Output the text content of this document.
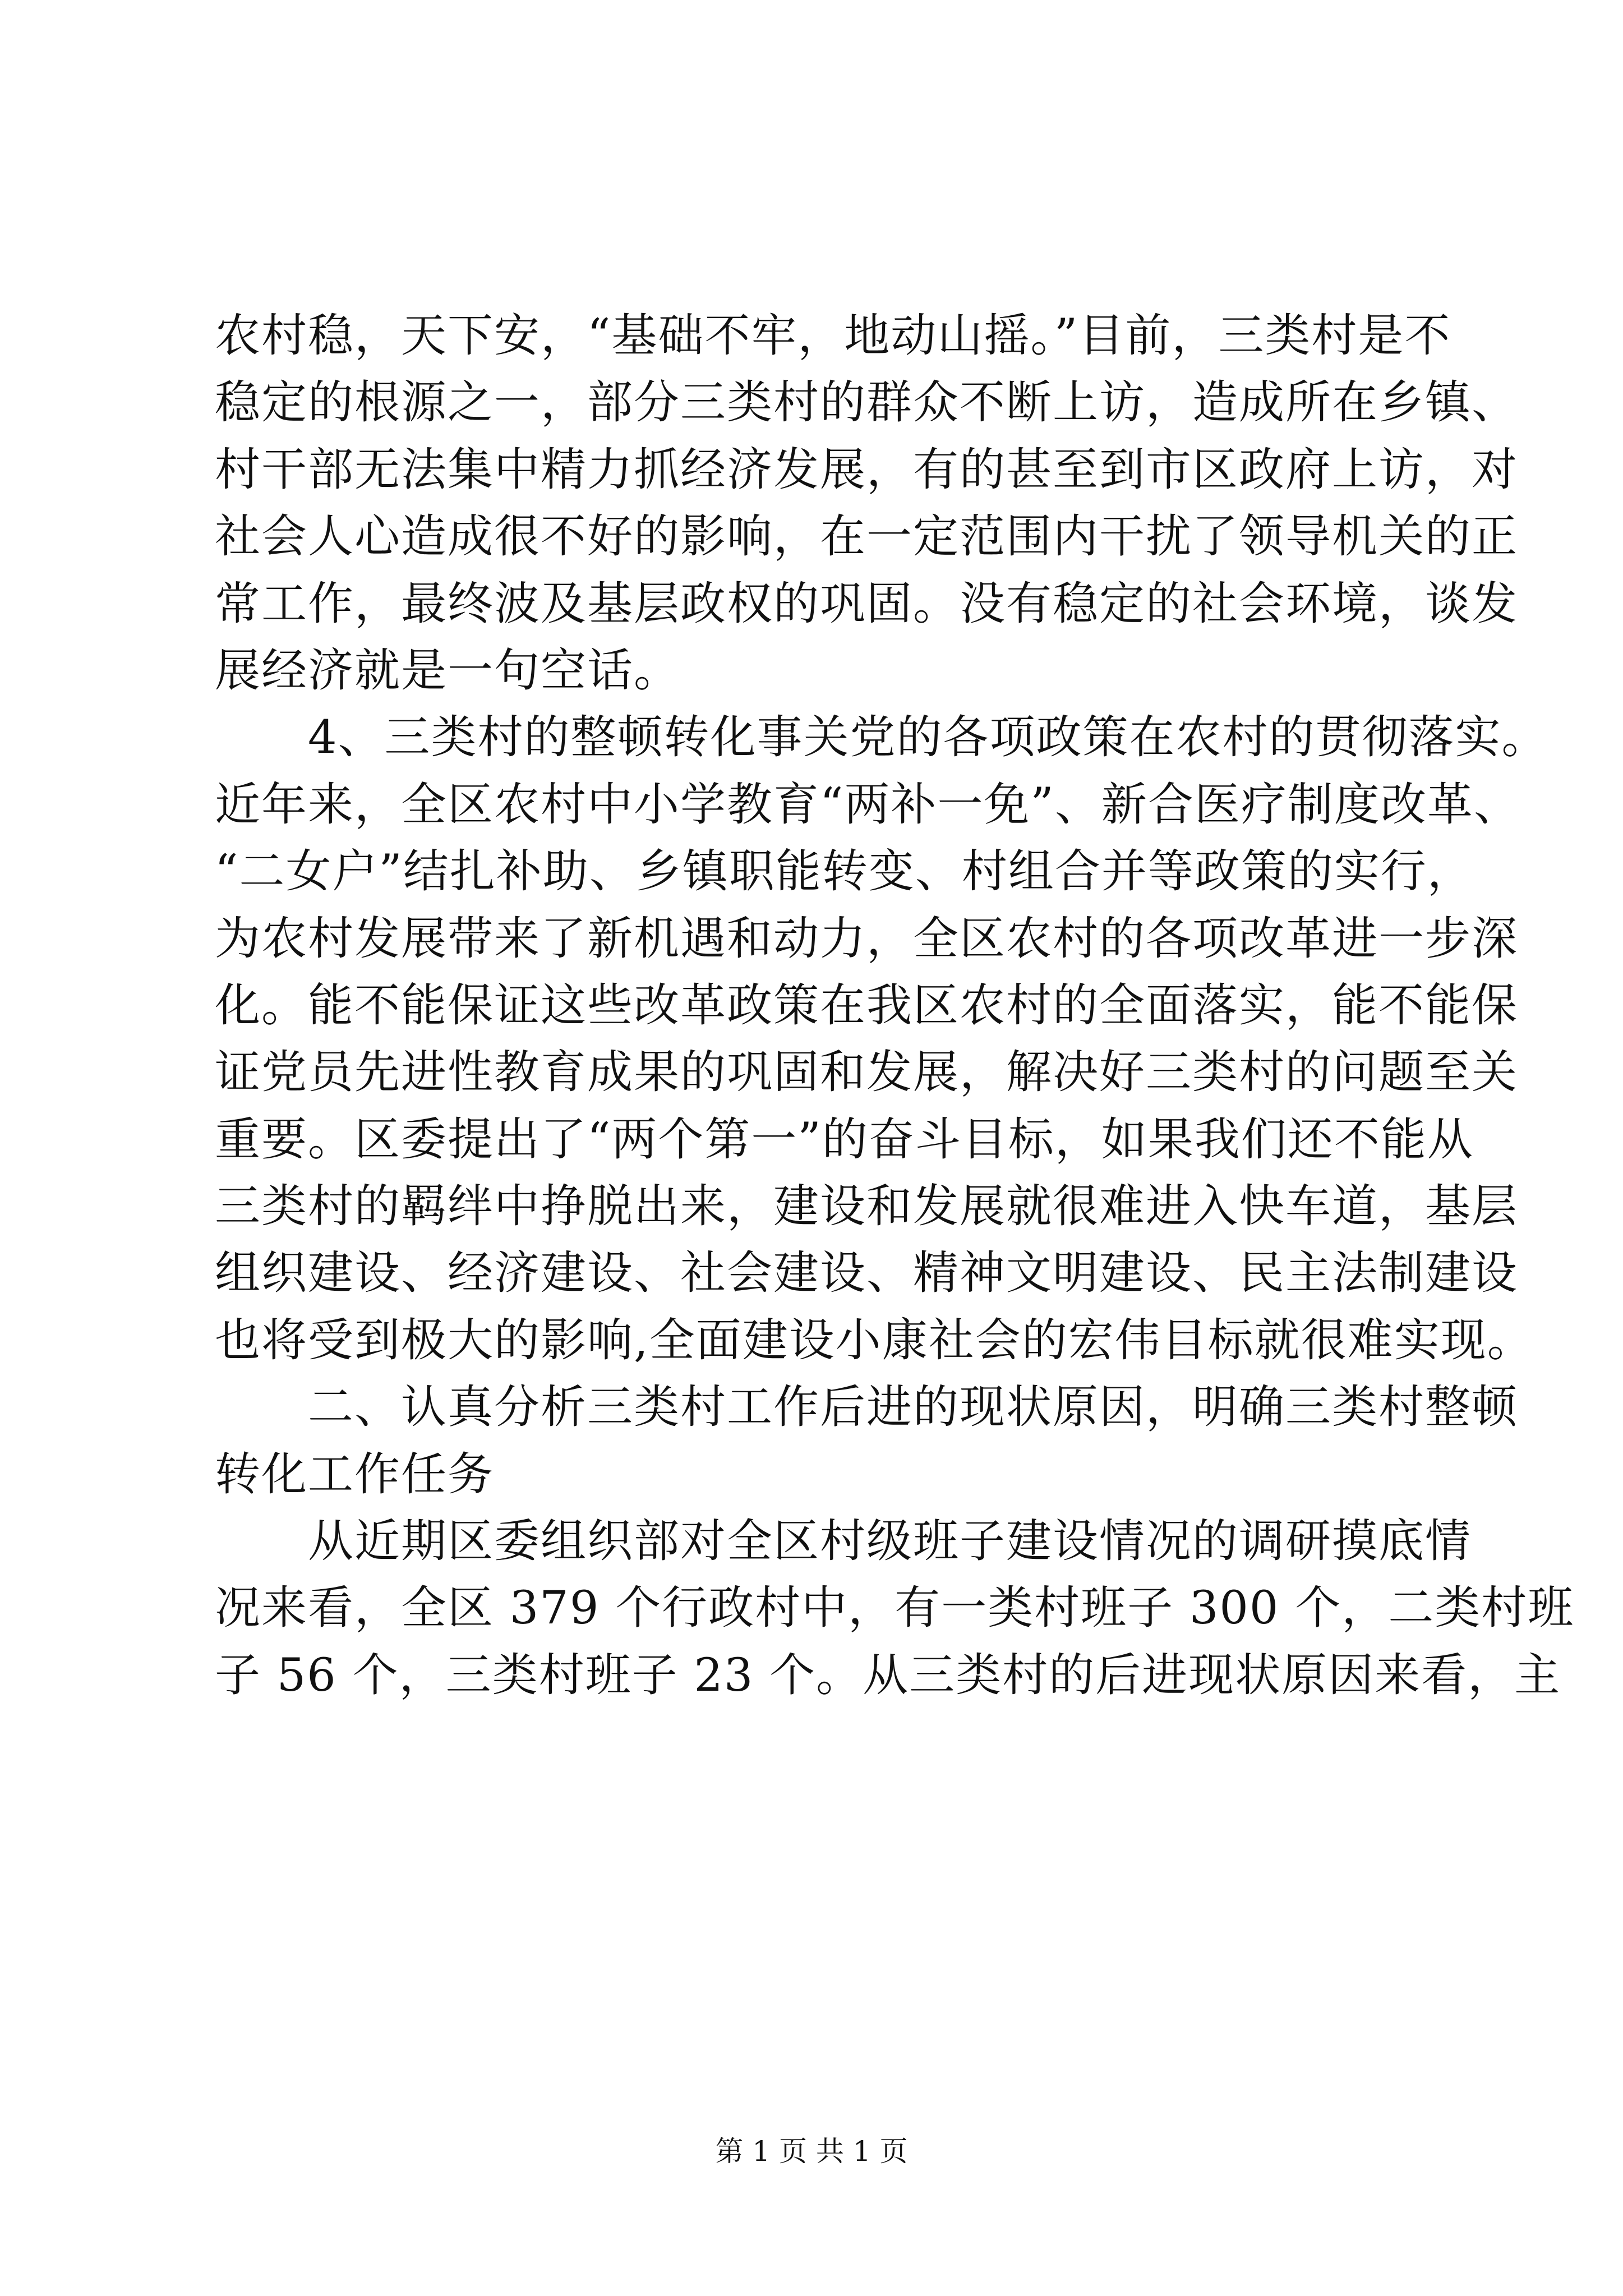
农村稳，天下安，“基础不牢，地动山摇。”目前，三类村是不
稳定的根源之一，部分三类村的群众不断上访，造成所在乡镇、
村干部无法集中精力抓经济发展，有的甚至到市区政府上访，对
社会人心造成很不好的影响，在一定范围内干扰了领导机关的正
常工作，最终波及基层政权的巩固。没有稳定的社会环境，谈发
展经济就是一句空话。
　　4、三类村的整顿转化事关党的各项政策在农村的贯彻落实。
近年来，全区农村中小学教育“两补一免”、新合医疗制度改革、
“二女户”结扎补助、乡镇职能转变、村组合并等政策的实行，
为农村发展带来了新机遇和动力，全区农村的各项改革进一步深
化。能不能保证这些改革政策在我区农村的全面落实，能不能保
证党员先进性教育成果的巩固和发展，解决好三类村的问题至关
重要。区委提出了“两个第一”的奋斗目标，如果我们还不能从
三类村的羁绊中挣脱出来，建设和发展就很难进入快车道，基层
组织建设、经济建设、社会建设、精神文明建设、民主法制建设
也将受到极大的影响,全面建设小康社会的宏伟目标就很难实现。
　　二、认真分析三类村工作后进的现状原因，明确三类村整顿
转化工作任务
　　从近期区委组织部对全区村级班子建设情况的调研摸底情
况来看，全区 379 个行政村中，有一类村班子 300 个，二类村班
子 56 个，三类村班子 23 个。从三类村的后进现状原因来看，主
第 1 页 共 1 页
